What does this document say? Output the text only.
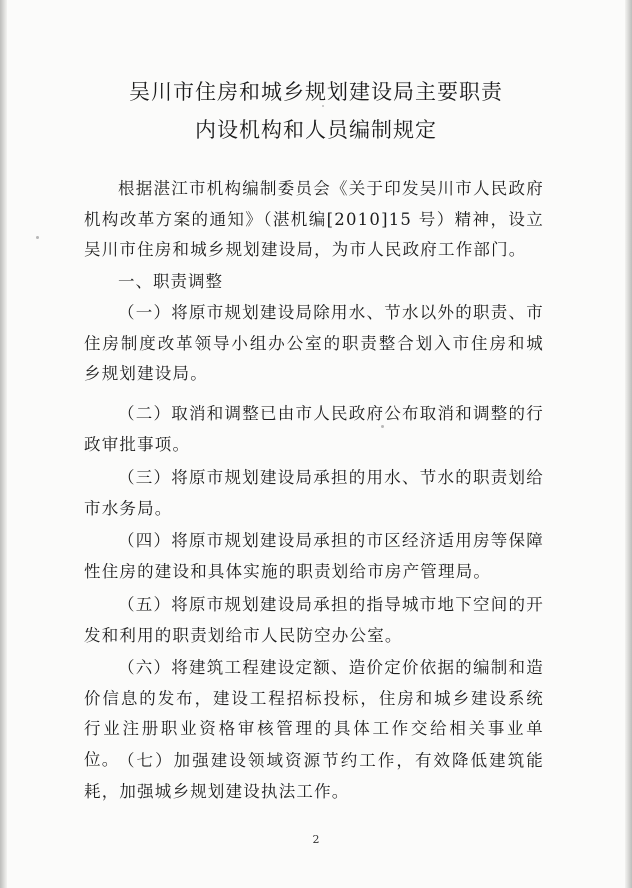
吴川市住房和城乡规划建设局主要职责
内设机构和人员编制规定

根据湛江市机构编制委员会《关于印发吴川市人民政府机构改革方案的通知》（湛机编[2010]15 号）精神，设立吴川市住房和城乡规划建设局，为市人民政府工作部门。

一、职责调整

（一）将原市规划建设局除用水、节水以外的职责、市住房制度改革领导小组办公室的职责整合划入市住房和城乡规划建设局。

（二）取消和调整已由市人民政府公布取消和调整的行政审批事项。

（三）将原市规划建设局承担的用水、节水的职责划给市水务局。

（四）将原市规划建设局承担的市区经济适用房等保障性住房的建设和具体实施的职责划给市房产管理局。

（五）将原市规划建设局承担的指导城市地下空间的开发和利用的职责划给市人民防空办公室。

（六）将建筑工程建设定额、造价定价依据的编制和造价信息的发布，建设工程招标投标，住房和城乡建设系统行业注册职业资格审核管理的具体工作交给相关事业单位。

（七）加强建设领域资源节约工作，有效降低建筑能耗，加强城乡规划建设执法工作。

2
